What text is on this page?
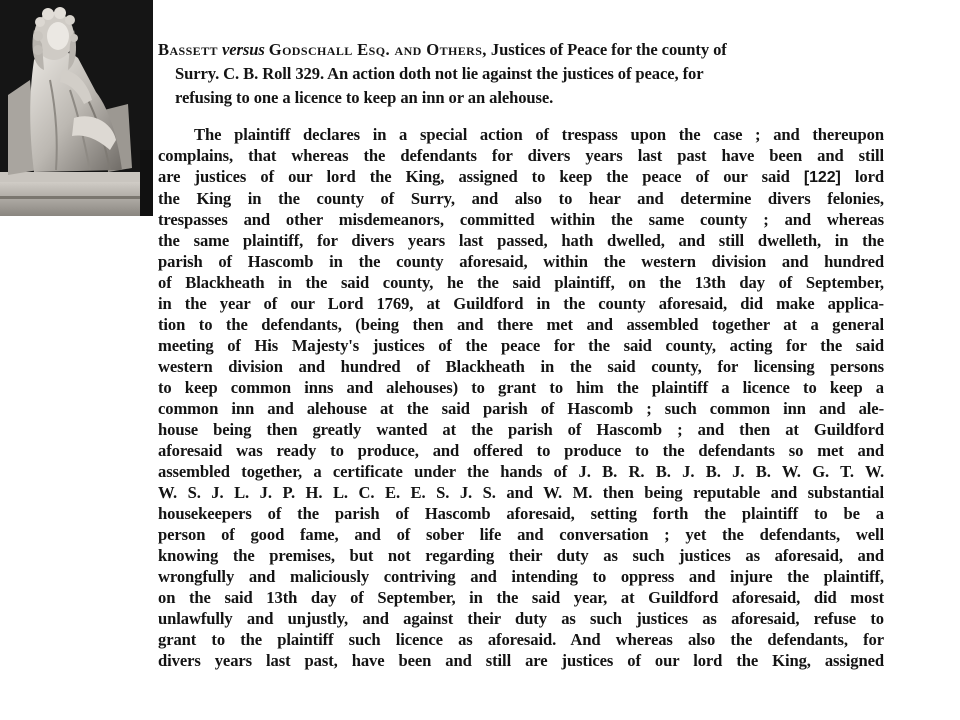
Bassett versus Godschall Esq. and Others, Justices of Peace for the county of
Surry. C. B. Roll 329. An action doth not lie against the justices of peace, for
refusing to one a licence to keep an inn or an alehouse.

The plaintiff declares in a special action of trespass upon the case ; and thereupon
complains, that whereas the defendants for divers years last past have been and still
are justices of our lord the King, assigned to keep the peace of our said [122] lord
the King in the county of Surry, and also to hear and determine divers felonies,
trespasses and other misdemeanors, committed within the same county ; and whereas
the same plaintiff, for divers years last passed, hath dwelled, and still dwelleth, in the
parish of Hascomb in the county aforesaid, within the western division and hundred
of Blackheath in the said county, he the said plaintiff, on the 13th day of September,
in the year of our Lord 1769, at Guildford in the county aforesaid, did make applica-
tion to the defendants, (being then and there met and assembled together at a general
meeting of His Majesty's justices of the peace for the said county, acting for the said
western division and hundred of Blackheath in the said county, for licensing persons
to keep common inns and alehouses) to grant to him the plaintiff a licence to keep a
common inn and alehouse at the said parish of Hascomb ; such common inn and ale-
house being then greatly wanted at the parish of Hascomb ; and then at Guildford
aforesaid was ready to produce, and offered to produce to the defendants so met and
assembled together, a certificate under the hands of J. B. R. B. J. B. J. B. W. G. T. W.
W. S. J. L. J. P. H. L. C. E. E. S. J. S. and W. M. then being reputable and substantial
housekeepers of the parish of Hascomb aforesaid, setting forth the plaintiff to be a
person of good fame, and of sober life and conversation ; yet the defendants, well
knowing the premises, but not regarding their duty as such justices as aforesaid, and
wrongfully and maliciously contriving and intending to oppress and injure the plaintiff,
on the said 13th day of September, in the said year, at Guildford aforesaid, did most
unlawfully and unjustly, and against their duty as such justices as aforesaid, refuse to
grant to the plaintiff such licence as aforesaid. And whereas also the defendants, for
divers years last past, have been and still are justices of our lord the King, assigned
